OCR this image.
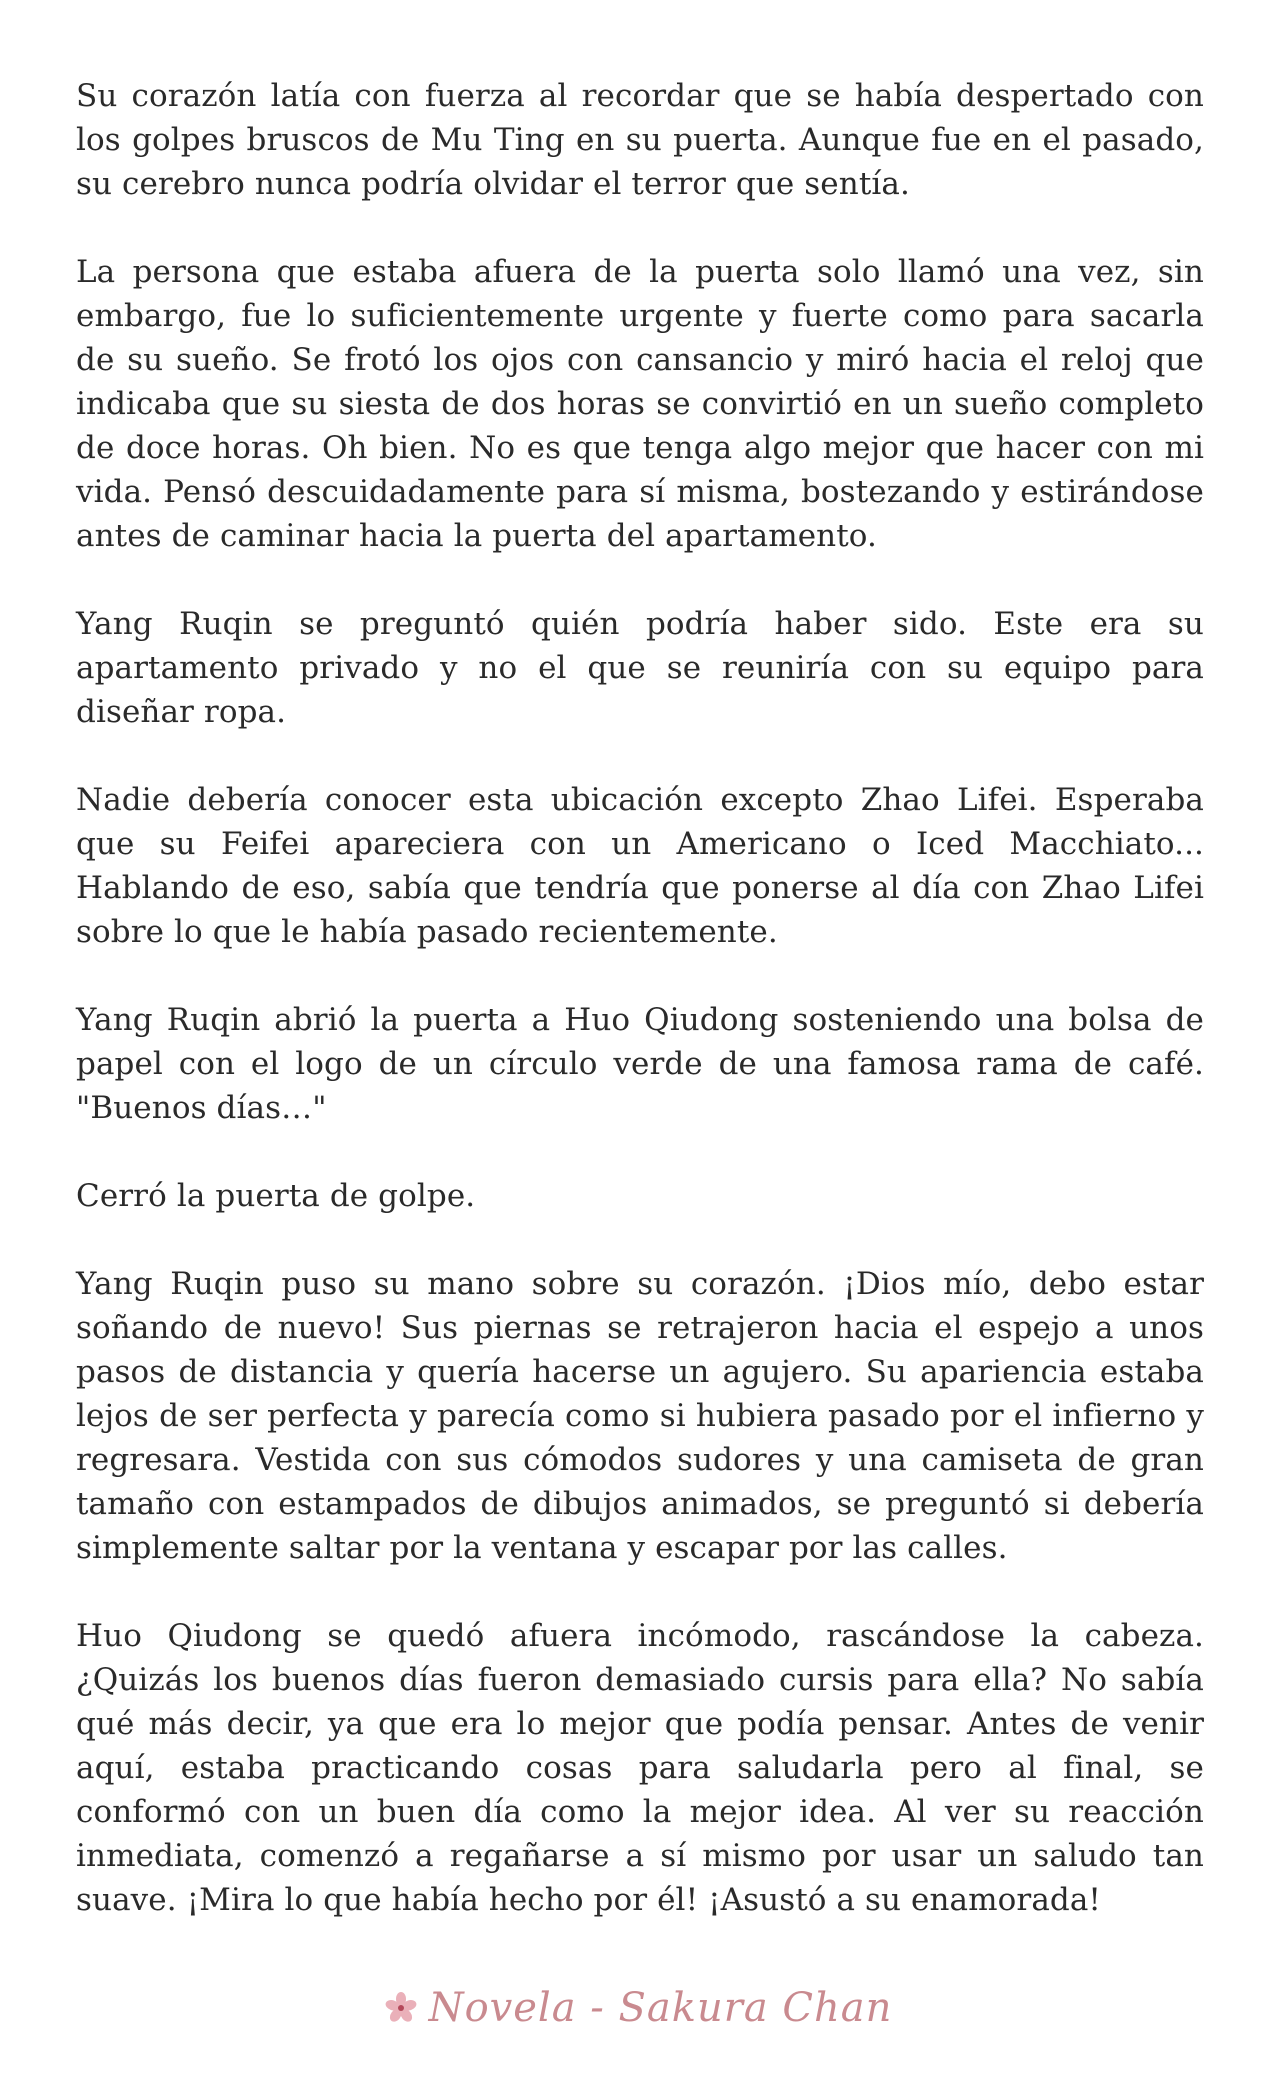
Su corazón latía con fuerza al recordar que se había despertado con los golpes bruscos de Mu Ting en su puerta. Aunque fue en el pasado, su cerebro nunca podría olvidar el terror que sentía.

La persona que estaba afuera de la puerta solo llamó una vez, sin embargo, fue lo suficientemente urgente y fuerte como para sacarla de su sueño. Se frotó los ojos con cansancio y miró hacia el reloj que indicaba que su siesta de dos horas se convirtió en un sueño completo de doce horas. Oh bien. No es que tenga algo mejor que hacer con mi vida. Pensó descuidadamente para sí misma, bostezando y estirándose antes de caminar hacia la puerta del apartamento.

Yang Ruqin se preguntó quién podría haber sido. Este era su apartamento privado y no el que se reuniría con su equipo para diseñar ropa.

Nadie debería conocer esta ubicación excepto Zhao Lifei. Esperaba que su Feifei apareciera con un Americano o Iced Macchiato... Hablando de eso, sabía que tendría que ponerse al día con Zhao Lifei sobre lo que le había pasado recientemente.

Yang Ruqin abrió la puerta a Huo Qiudong sosteniendo una bolsa de papel con el logo de un círculo verde de una famosa rama de café. "Buenos días…"

Cerró la puerta de golpe.

Yang Ruqin puso su mano sobre su corazón. ¡Dios mío, debo estar soñando de nuevo! Sus piernas se retrajeron hacia el espejo a unos pasos de distancia y quería hacerse un agujero. Su apariencia estaba lejos de ser perfecta y parecía como si hubiera pasado por el infierno y regresara. Vestida con sus cómodos sudores y una camiseta de gran tamaño con estampados de dibujos animados, se preguntó si debería simplemente saltar por la ventana y escapar por las calles.

Huo Qiudong se quedó afuera incómodo, rascándose la cabeza. ¿Quizás los buenos días fueron demasiado cursis para ella? No sabía qué más decir, ya que era lo mejor que podía pensar. Antes de venir aquí, estaba practicando cosas para saludarla pero al final, se conformó con un buen día como la mejor idea. Al ver su reacción inmediata, comenzó a regañarse a sí mismo por usar un saludo tan suave. ¡Mira lo que había hecho por él! ¡Asustó a su enamorada!

Novela - Sakura Chan
